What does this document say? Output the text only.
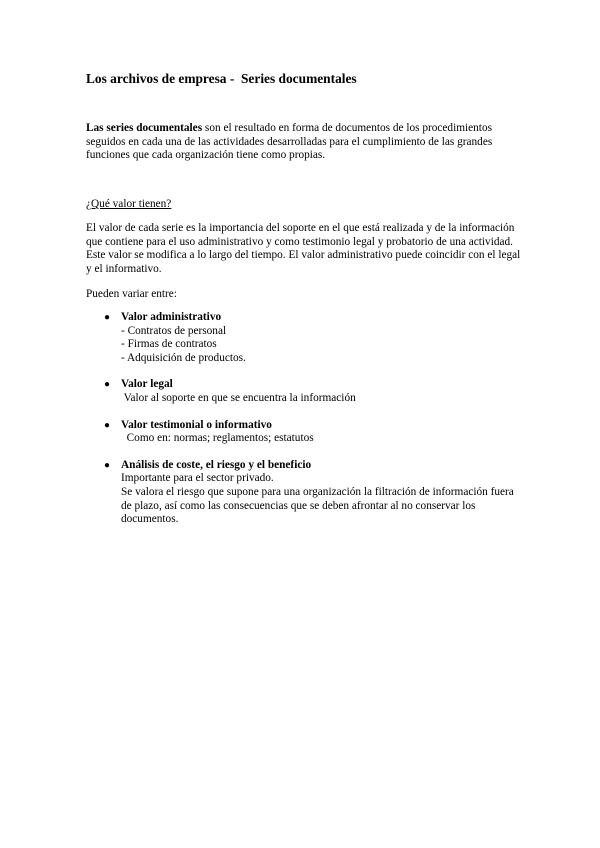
Los archivos de empresa -  Series documentales
Las series documentales son el resultado en forma de documentos de los procedimientos seguidos en cada una de las actividades desarrolladas para el cumplimiento de las grandes funciones que cada organización tiene como propias.
¿Qué valor tienen?
El valor de cada serie es la importancia del soporte en el que está realizada y de la información que contiene para el uso administrativo y como testimonio legal y probatorio de una actividad. Este valor se modifica a lo largo del tiempo. El valor administrativo puede coincidir con el legal y el informativo.
Pueden variar entre:
● Valor administrativo
- Contratos de personal
- Firmas de contratos
- Adquisición de productos.
● Valor legal
Valor al soporte en que se encuentra la información
● Valor testimonial o informativo
Como en: normas; reglamentos; estatutos
● Análisis de coste, el riesgo y el beneficio
Importante para el sector privado.
Se valora el riesgo que supone para una organización la filtración de información fuera de plazo, así como las consecuencias que se deben afrontar al no conservar los documentos.
